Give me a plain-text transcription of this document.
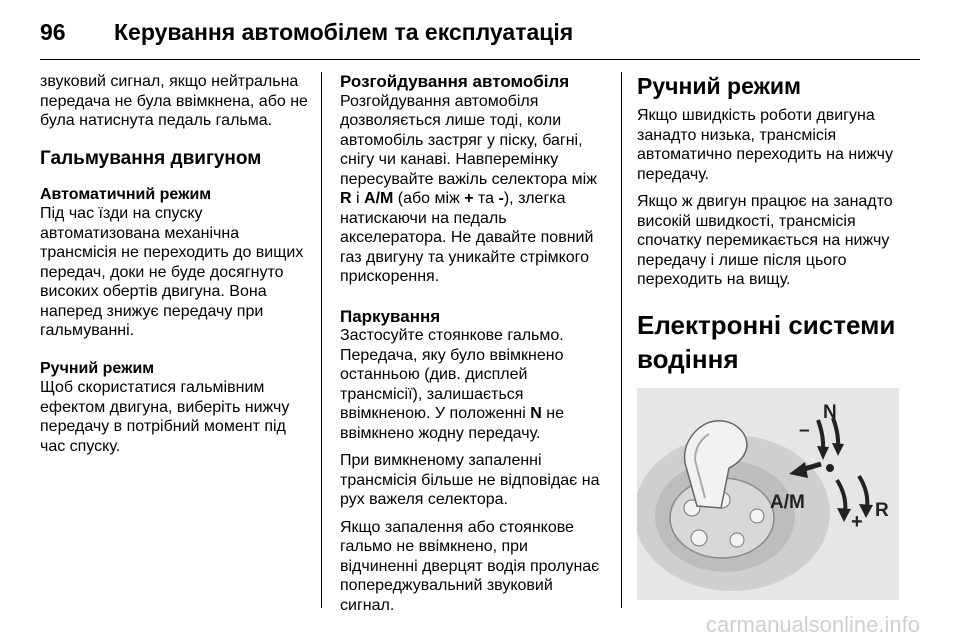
96	Керування автомобілем та експлуатація

звуковий сигнал, якщо нейтральна передача не була ввімкнена, або не була натиснута педаль гальма.

Гальмування двигуном
Автоматичний режим

Під час їзди на спуску автоматизована механічна трансмісія не переходить до вищих передач, доки не буде досягнуто високих обертів двигуна. Вона наперед знижує передачу при гальмуванні.

Ручний режим

Щоб скористатися гальмівним ефектом двигуна, виберіть нижчу передачу в потрібний момент під час спуску.

Розгойдування автомобіля

Розгойдування автомобіля дозволяється лише тоді, коли автомобіль застряг у піску, багні, снігу чи канаві. Навперемінку пересувайте важіль селектора між R і A/M (або між + та -), злегка натискаючи на педаль акселератора. Не давайте повний газ двигуну та уникайте стрімкого прискорення.

Паркування

Застосуйте стоянкове гальмо. Передача, яку було ввімкнено останньою (див. дисплей трансмісії), залишається ввімкненою. У положенні N не ввімкнено жодну передачу.

При вимкненому запаленні трансмісія більше не відповідає на рух важеля селектора.

Якщо запалення або стоянкове гальмо не ввімкнено, при відчиненні дверцят водія пролунає попереджувальний звуковий сигнал.

Ручний режим

Якщо швидкість роботи двигуна занадто низька, трансмісія автоматично переходить на нижчу передачу.

Якщо ж двигун працює на занадто високій швидкості, трансмісія спочатку перемикається на нижчу передачу і лише після цього переходить на вищу.

Електронні системи водіння
N
–
A/M
+
R
carmanualsonline.info
